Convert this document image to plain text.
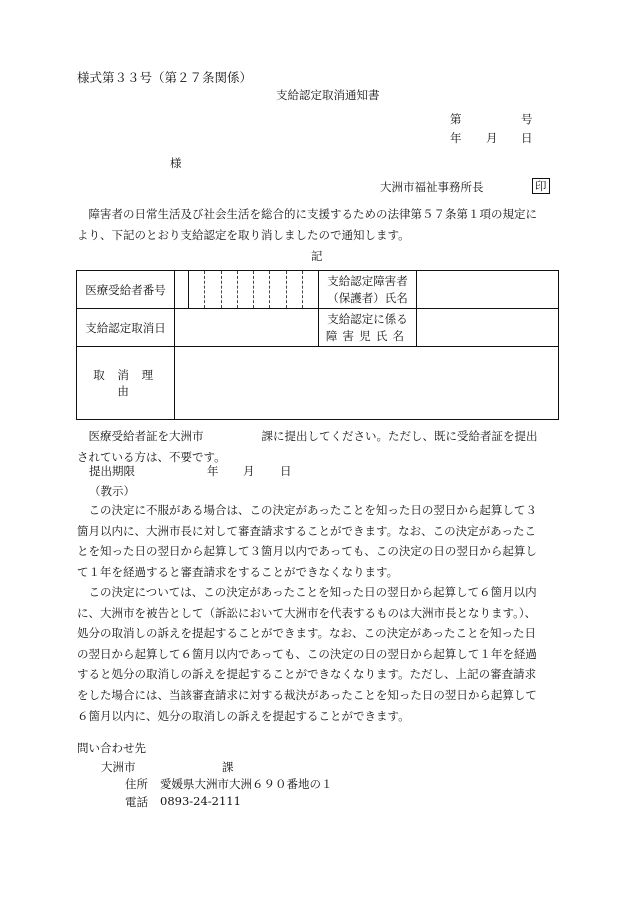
様式第３３号（第２７条関係）
支給認定取消通知書
第	号
年 月 日
様
大洲市福祉事務所長	印

障害者の日常生活及び社会生活を総合的に支援するための法律第５７条第１項の規定に

より、下記のとおり支給認定を取り消しましたので通知します。

記
医療受給者番号			支給認定障害者
（保護者）氏名	

支給認定取消日			支給認定に係る
障害児氏名	

取消理由				

医療受給者証を大洲市	課に提出してください。ただし、既に受給者証を提出

されている方は、不要です。

提出期限	年 月 日
（教示）

この決定に不服がある場合は、この決定があったことを知った日の翌日から起算して３

箇月以内に、大洲市長に対して審査請求することができます。なお、この決定があったこ

とを知った日の翌日から起算して３箇月以内であっても、この決定の日の翌日から起算し

て１年を経過すると審査請求をすることができなくなります。

この決定については、この決定があったことを知った日の翌日から起算して６箇月以内

に、大洲市を被告として（訴訟において大洲市を代表するものは大洲市長となります。）、

処分の取消しの訴えを提起することができます。なお、この決定があったことを知った日

の翌日から起算して６箇月以内であっても、この決定の日の翌日から起算して１年を経過

すると処分の取消しの訴えを提起することができなくなります。ただし、上記の審査請求

をした場合には、当該審査請求に対する裁決があったことを知った日の翌日から起算して

６箇月以内に、処分の取消しの訴えを提起することができます。

問い合わせ先
大洲市	課
住所 愛媛県大洲市大洲６９０番地の１
電話 0893-24-2111
